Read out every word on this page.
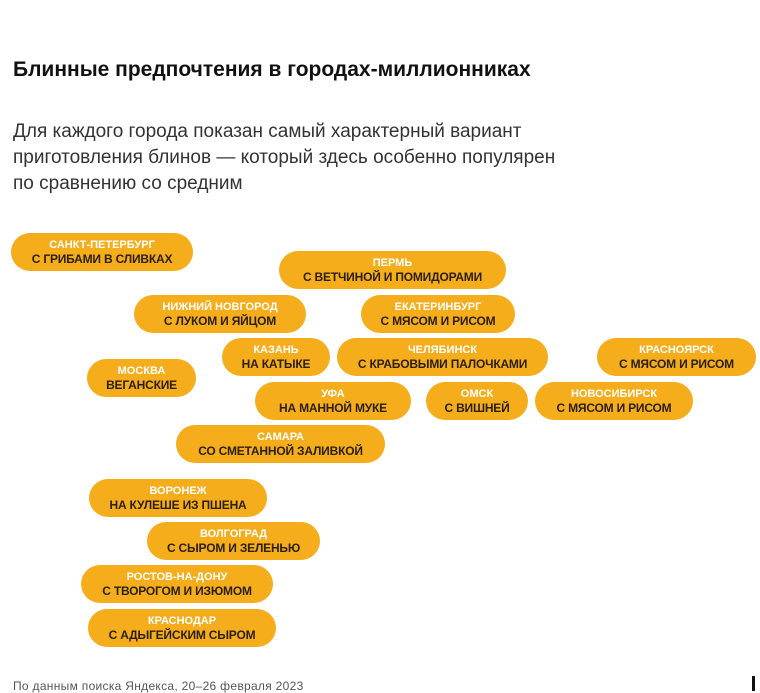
Блинные предпочтения в городах-миллионниках
Для каждого города показан самый характерный вариант
приготовления блинов — который здесь особенно популярен
по сравнению со средним
САНКТ-ПЕТЕРБУРГ
С ГРИБАМИ В СЛИВКАХ	ПЕРМЬ
С ВЕТЧИНОЙ И ПОМИДОРАМИ
НИЖНИЙ НОВГОРОД
С ЛУКОМ И ЯЙЦОМ
ЕКАТЕРИНБУРГ
С МЯСОМ И РИСОМ
КАЗАНЬ
НА КАТЫКЕ
ЧЕЛЯБИНСК
С КРАБОВЫМИ ПАЛОЧКАМИ
КРАСНОЯРСК
С МЯСОМ И РИСОМ
МОСКВА
ВЕГАНСКИЕ
УФА
НА МАННОЙ МУКЕ
ОМСК
С ВИШНЕЙ
НОВОСИБИРСК
С МЯСОМ И РИСОМ
САМАРА
СО СМЕТАННОЙ ЗАЛИВКОЙ
ВОРОНЕЖ
НА КУЛЕШЕ ИЗ ПШЕНА
ВОЛГОГРАД
С СЫРОМ И ЗЕЛЕНЬЮ
РОСТОВ-НА-ДОНУ
С ТВОРОГОМ И ИЗЮМОМ
КРАСНОДАР
С АДЫГЕЙСКИМ СЫРОМ
По данным поиска Яндекса, 20–26 февраля 2023
